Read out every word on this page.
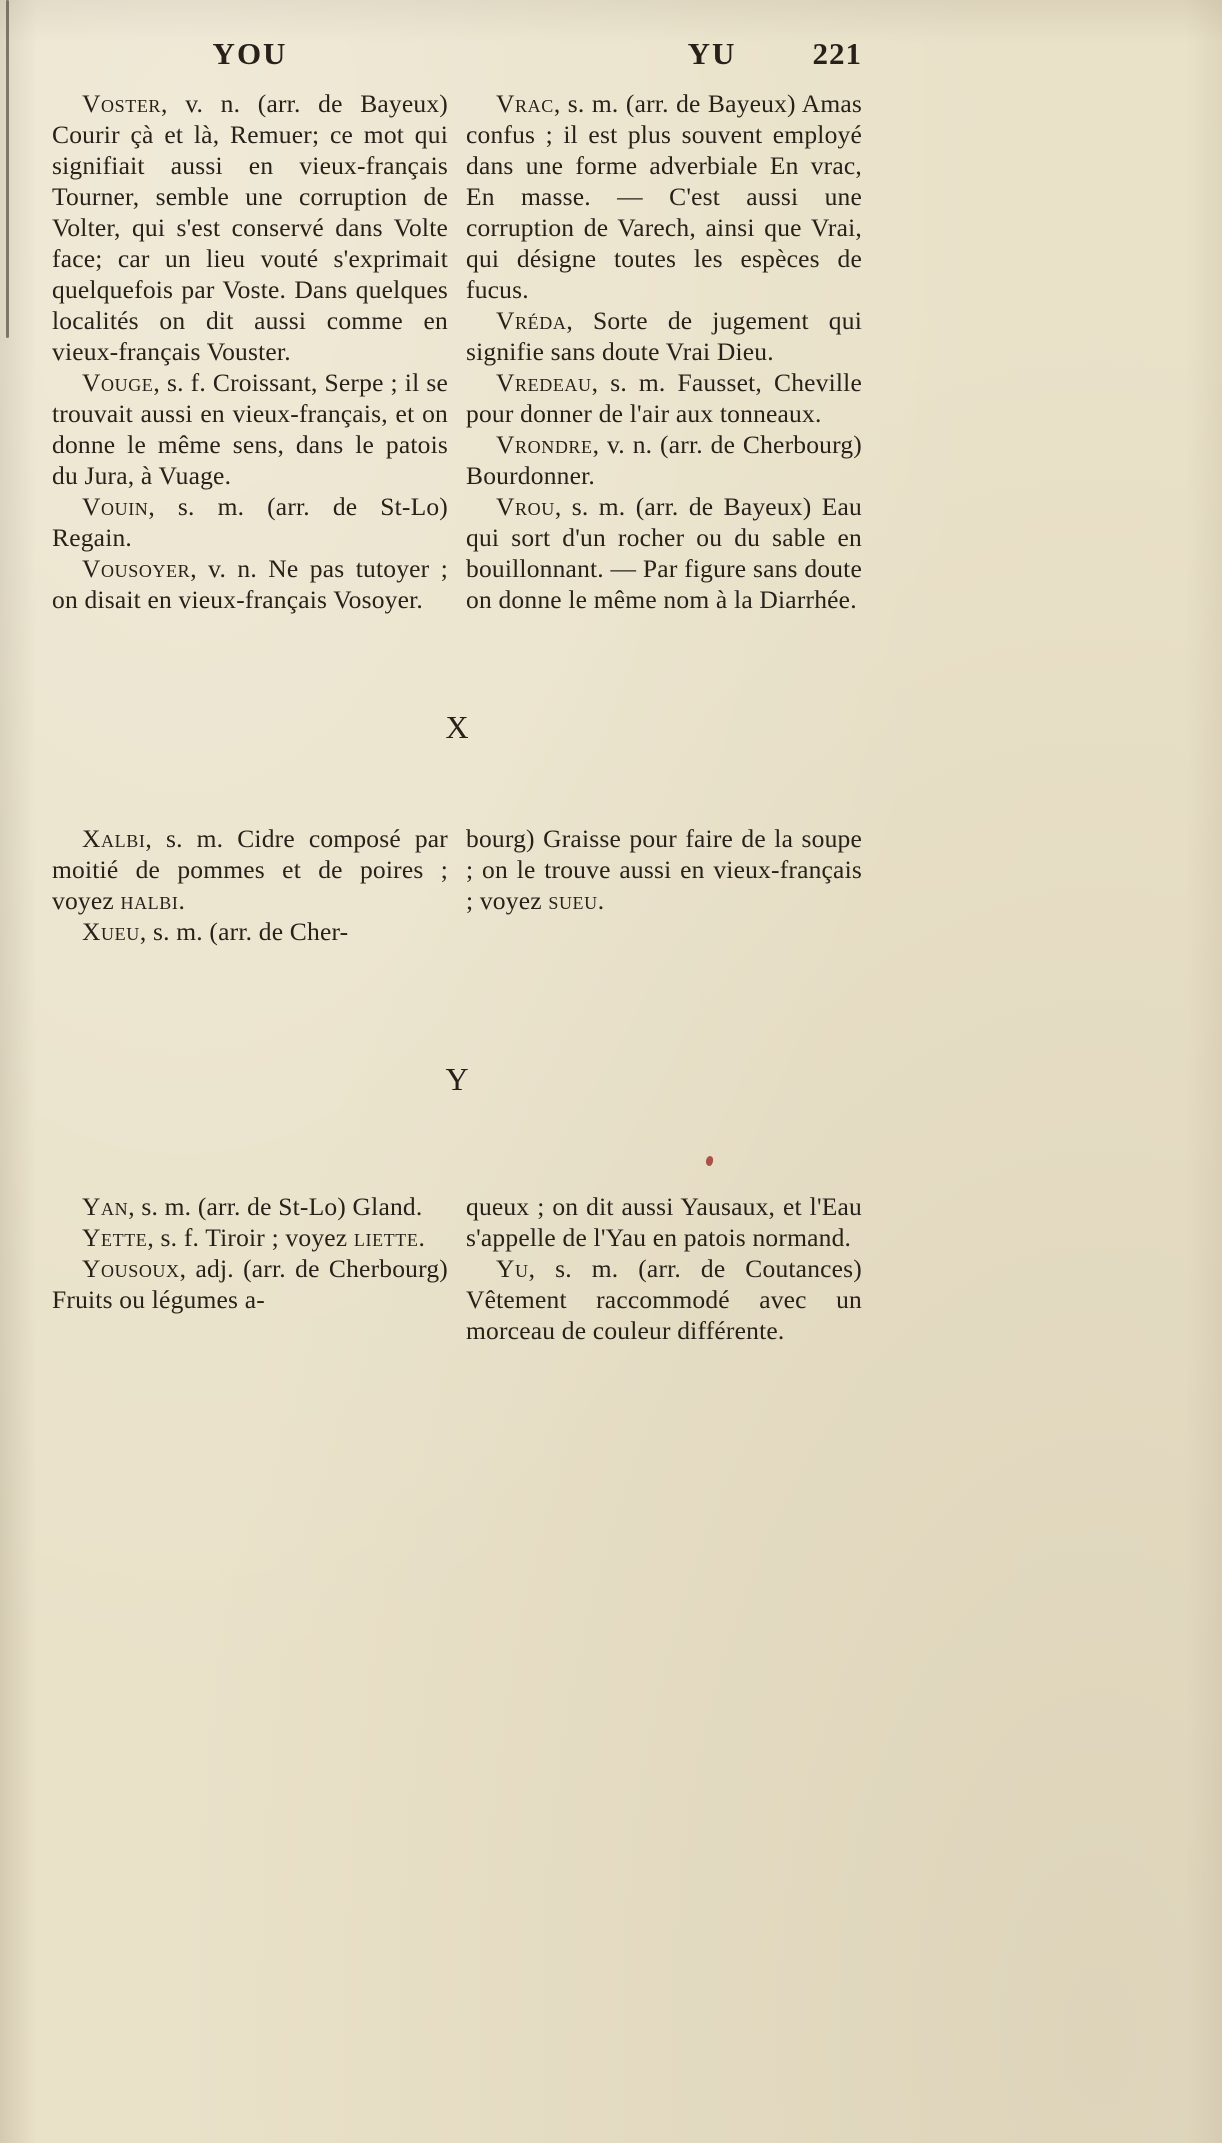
YOU	YU 221

Voster, v. n. (arr. de Bayeux) Courir çà et là, Remuer; ce mot qui signifiait aussi en vieux-français Tourner, semble une corruption de Volter, qui s'est conservé dans Volte face; car un lieu vouté s'exprimait quelquefois par Voste. Dans quelques localités on dit aussi comme en vieux-français Vouster.

Vouge, s. f. Croissant, Serpe ; il se trouvait aussi en vieux-français, et on donne le même sens, dans le patois du Jura, à Vuage.

Vouin, s. m. (arr. de St-Lo) Regain.

Vousoyer, v. n. Ne pas tutoyer ; on disait en vieux-français Vosoyer.

Vrac, s. m. (arr. de Bayeux) Amas confus ; il est plus souvent employé dans une forme adverbiale En vrac, En masse. — C'est aussi une corruption de Varech, ainsi que Vrai, qui désigne toutes les espèces de fucus.

Vréda, Sorte de jugement qui signifie sans doute Vrai Dieu.

Vredeau, s. m. Fausset, Cheville pour donner de l'air aux tonneaux.

Vrondre, v. n. (arr. de Cherbourg) Bourdonner.

Vrou, s. m. (arr. de Bayeux) Eau qui sort d'un rocher ou du sable en bouillonnant. — Par figure sans doute on donne le même nom à la Diarrhée.

X

Xalbi, s. m. Cidre composé par moitié de pommes et de poires ; voyez halbi.

Xueu, s. m. (arr. de Cher-

bourg) Graisse pour faire de la soupe ; on le trouve aussi en vieux-français ; voyez sueu.

Y

Yan, s. m. (arr. de St-Lo) Gland.

Yette, s. f. Tiroir ; voyez liette.

Yousoux, adj. (arr. de Cherbourg) Fruits ou légumes a-

queux ; on dit aussi Yausaux, et l'Eau s'appelle de l'Yau en patois normand.

Yu, s. m. (arr. de Coutances) Vêtement raccommodé avec un morceau de couleur différente.
